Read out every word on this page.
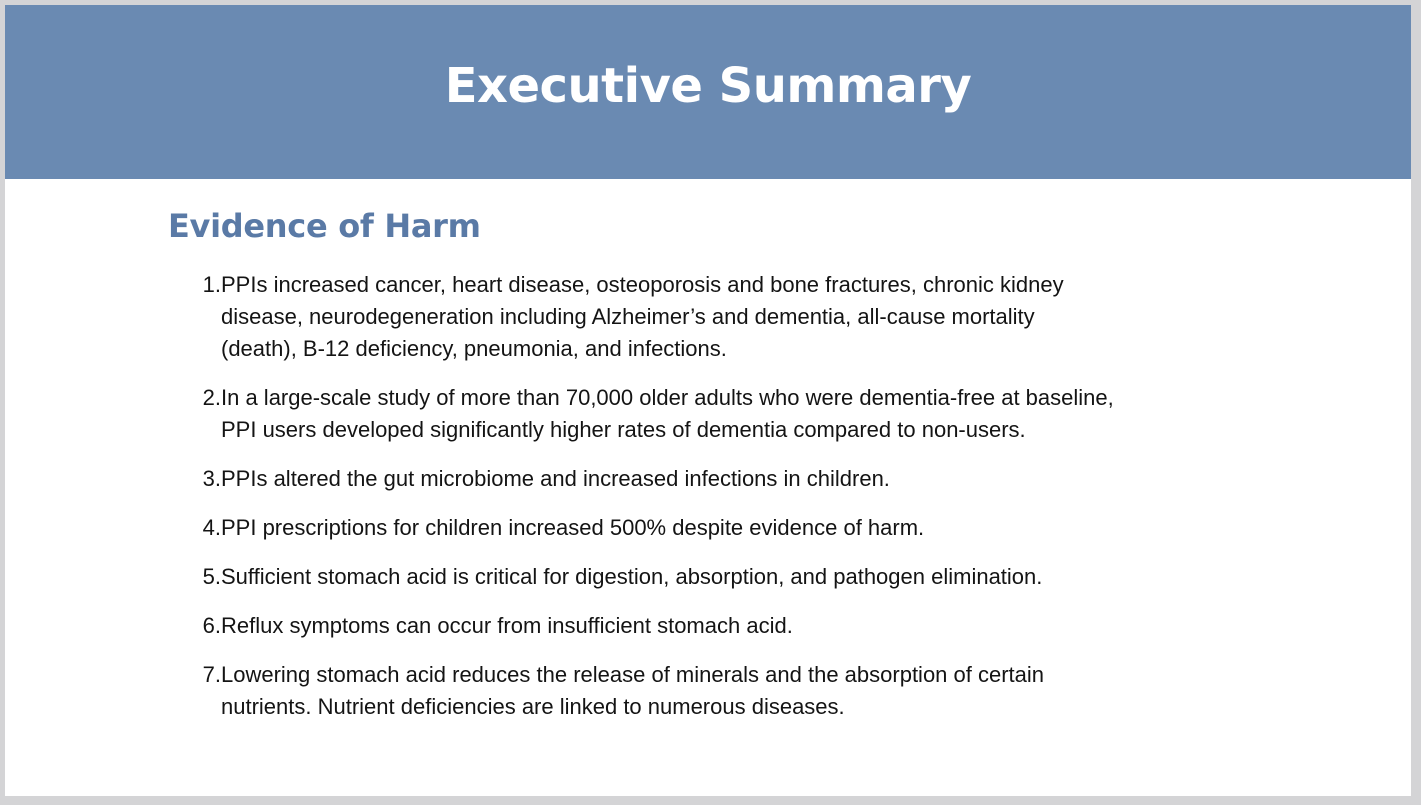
Executive Summary
Evidence of Harm
1. PPIs increased cancer, heart disease, osteoporosis and bone fractures, chronic kidney
disease, neurodegeneration including Alzheimer’s and dementia, all-cause mortality
(death), B-12 deficiency, pneumonia, and infections.
2. In a large-scale study of more than 70,000 older adults who were dementia-free at baseline,
PPI users developed significantly higher rates of dementia compared to non-users.
3. PPIs altered the gut microbiome and increased infections in children.
4. PPI prescriptions for children increased 500% despite evidence of harm.
5. Sufficient stomach acid is critical for digestion, absorption, and pathogen elimination.
6. Reflux symptoms can occur from insufficient stomach acid.
7. Lowering stomach acid reduces the release of minerals and the absorption of certain
nutrients. Nutrient deficiencies are linked to numerous diseases.
